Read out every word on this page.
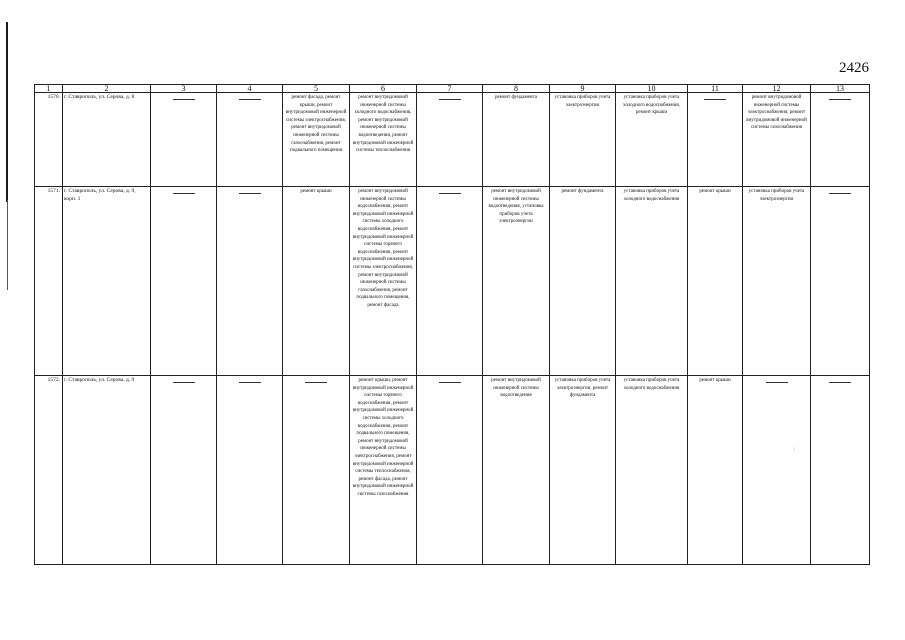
2426
1	2	3	4	5	6	7	8	9	10	11	12	13
1570.	г. Ставрополь, ул. Серова, д. 8			ремонт фасада, ремонт крыши, ремонт внутридомовой инженерной системы электроснабжения, ремонт внутридомовой инженерной системы газоснабжения, ремонт подвального помещения	ремонт внутридомовой инженерной системы холодного водоснабжения, ремонт внутридомовой инженерной системы водоотведения, ремонт внутридомовой инженерной системы теплоснабжения		ремонт фундамента	установка приборов учета электроэнергии	установка приборов учета холодного водоснабжения, ремонт крыши		ремонт внутридомовой инженерной системы электроснабжения, ремонт внутридомовой инженерной системы газоснабжения	
1571.	г. Ставрополь, ул. Серова, д. 9, корп. 1			ремонт крыши	ремонт внутридомовой инженерной системы водоснабжения, ремонт внутридомовой инженерной системы холодного водоснабжения, ремонт внутридомовой инженерной системы горячего водоснабжения, ремонт внутридомовой инженерной системы электроснабжения, ремонт внутридомовой инженерной системы газоснабжения, ремонт подвального помещения, ремонт фасада		ремонт внутридомовой инженерной системы водоотведения, установка приборов учета электроэнергии	ремонт фундамента	установка приборов учета холодного водоснабжения	ремонт крыши	установка приборов учета электроэнергии	
1572.	г. Ставрополь, ул. Серова, д. 9				ремонт крыши, ремонт внутридомовой инженерной системы горячего водоснабжения, ремонт внутридомовой инженерной системы холодного водоснабжения, ремонт подвального помещения, ремонт внутридомовой инженерной системы электроснабжения, ремонт внутридомовой инженерной системы теплоснабжения, ремонт фасада, ремонт внутридомовой инженерной системы газоснабжения		ремонт внутридомовой инженерной системы водоотведения	установка приборов учета электроэнергии, ремонт фундамента	установка приборов учета холодного водоснабжения	ремонт крыши		
\
